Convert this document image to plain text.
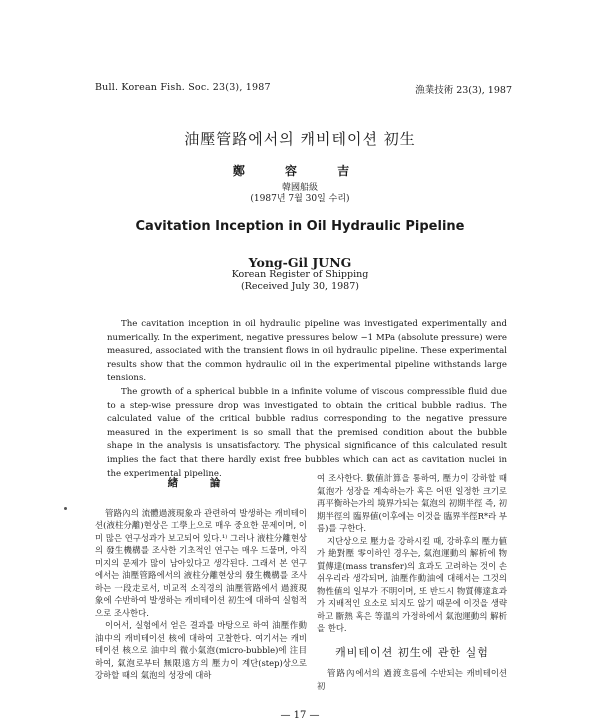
Bull. Korean Fish. Soc. 23(3), 1987	漁業技術 23(3), 1987
油壓管路에서의 캐비테이션 初生
鄭 容 吉
韓國船級
(1987년 7월 30일 수리)
Cavitation Inception in Oil Hydraulic Pipeline
Yong-Gil JUNG
Korean Register of Shipping
(Received July 30, 1987)

The cavitation inception in oil hydraulic pipeline was investigated experimentally and numerically. In the experiment, negative pressures below −1 MPa (absolute pressure) were measured, associated with the transient flows in oil hydraulic pipeline. These experimental results show that the common hydraulic oil in the experimental pipeline withstands large tensions.

The growth of a spherical bubble in a infinite volume of viscous compressible fluid due to a step-wise pressure drop was investigated to obtain the critical bubble radius. The calculated value of the critical bubble radius corresponding to the negative pressure measured in the experiment is so small that the premised condition about the bubble shape in the analysis is unsatisfactory. The physical significance of this calculated result implies the fact that there hardly exist free bubbles which can act as cavitation nuclei in the experimental pipeline.

緖 論

管路內의 流體過渡現象과 관련하여 발생하는 캐비테이션(液柱分離)현상은 工學上으로 매우 중요한 문제이며, 이미 많은 연구성과가 보고되어 있다.¹⁾ 그러나 液柱分離현상의 發生機構를 조사한 기초적인 연구는 매우 드물며, 아직 미지의 문제가 많이 남아있다고 생각된다. 그래서 본 연구에서는 油壓管路에서의 液柱分離현상의 發生機構를 조사하는 一段走로서, 비교적 소직경의 油壓管路에서 過渡現象에 수반하여 발생하는 캐비테이션 初生에 대하여 실험적으로 조사한다.

이어서, 실험에서 얻은 결과를 바탕으로 하여 油壓作動油中의 캐비테이션 核에 대하여 고찰한다. 여기서는 캐비테이션 核으로 油中의 微小氣泡(micro-bubble)에 注目하여, 氣泡로부터 無限遠方의 壓力이 계단(step)상으로 강하할 때의 氣泡의 성장에 대하

여 조사한다. 數値計算을 통하여, 壓力이 강하할 때 氣泡가 성장을 계속하는가 혹은 어떤 일정한 크기로 再平衡하는가의 境界가되는 氣泡의 初期半徑 즉, 初期半徑의 臨界値(이후에는 이것을 臨界半徑R*라 부름)를 구한다.

지단상으로 壓力을 강하시킬 때, 강하후의 壓力値가 絶對壓 零이하인 경우는, 氣泡運動의 解析에 物質傳達(mass transfer)의 효과도 고려하는 것이 손쉬우리라 생각되며, 油壓作動油에 대해서는 그것의 物性値의 일부가 不明이며, 또 반드시 物質傳達효과가 지배적인 요소로 되지도 않기 때문에 이것을 생략하고 斷熱 혹은 等溫의 가정하에서 氣泡運動의 解析을 한다.

캐비테이션 初生에 관한 실험

管路內에서의 過渡흐름에 수반되는 캐비테이션 初

— 17 —
